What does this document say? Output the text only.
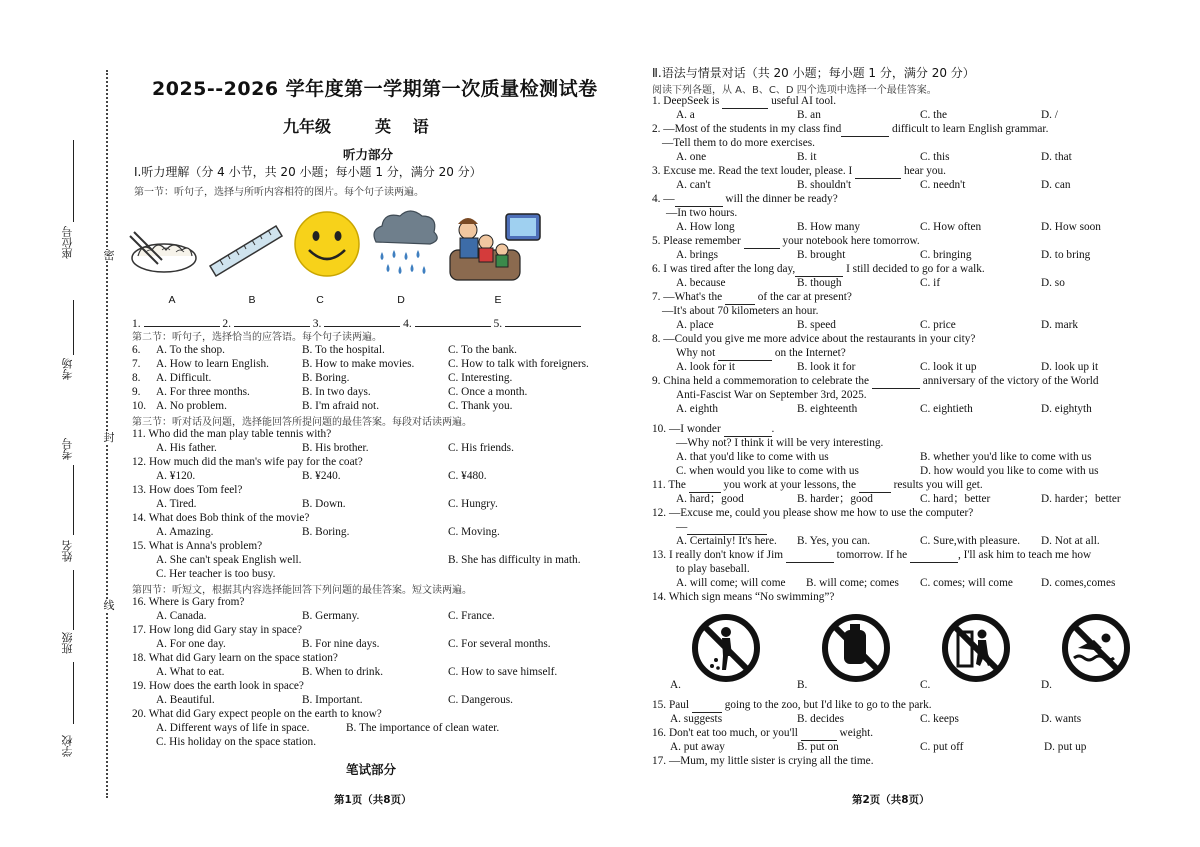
密
封
线
座位号
考场
考号
姓名
班级
学校
2025--2026 学年度第一学期第一次质量检测试卷
九年级	英 语
听力部分
Ⅰ.听力理解（分 4 小节，共 20 小题；每小题 1 分，满分 20 分）
第一节：听句子，选择与所听内容相符的图片。每个句子读两遍。
A	B	C	D	E
1.	2.	3.	4.	5.
第二节：听句子，选择恰当的应答语。每个句子读两遍。
6. A. To the shop.	B. To the hospital.	C. To the bank.
7. A. How to learn English.	B. How to make movies.	C. How to talk with foreigners.
8. A. Difficult.	B. Boring.	C. Interesting.
9. A. For three months.	B. In two days.	C. Once a month.
10. A. No problem.	B. I'm afraid not.	C. Thank you.
第三节：听对话及问题，选择能回答所提问题的最佳答案。每段对话读两遍。
11. Who did the man play table tennis with?
A. His father.	B. His brother.	C. His friends.
12. How much did the man's wife pay for the coat?
A. ¥120.	B. ¥240.	C. ¥480.
13. How does Tom feel?
A. Tired.	B. Down.	C. Hungry.
14. What does Bob think of the movie?
A. Amazing.	B. Boring.	C. Moving.
15. What is Anna's problem?
A. She can't speak English well.	B. She has difficulty in math.
C. Her teacher is too busy.
第四节：听短文，根据其内容选择能回答下列问题的最佳答案。短文读两遍。
16. Where is Gary from?
A. Canada.	B. Germany.	C. France.
17. How long did Gary stay in space?
A. For one day.	B. For nine days.	C. For several months.
18. What did Gary learn on the space station?
A. What to eat.	B. When to drink.	C. How to save himself.
19. How does the earth look in space?
A. Beautiful.	B. Important.	C. Dangerous.
20. What did Gary expect people on the earth to know?
A. Different ways of life in space.	B. The importance of clean water.
C. His holiday on the space station.
笔试部分
第1页（共8页）
Ⅱ.语法与情景对话（共 20 小题；每小题 1 分，满分 20 分）
阅读下列各题，从 A、B、C、D 四个选项中选择一个最佳答案。
1. DeepSeek is	useful AI tool.
A. a	B. an	C. the	D. /
2. —Most of the students in my class find	difficult to learn English grammar.
—Tell them to do more exercises.
A. one	B. it	C. this	D. that
3. Excuse me. Read the text louder, please. I	hear you.
A. can't	B. shouldn't	C. needn't	D. can
4. —	will the dinner be ready?
—In two hours.
A. How long	B. How many	C. How often	D. How soon
5. Please remember	your notebook here tomorrow.
A. brings	B. brought	C. bringing	D. to bring
6. I was tired after the long day,	I still decided to go for a walk.
A. because	B. though	C. if	D. so
7. —What's the	of the car at present?
—It's about 70 kilometers an hour.
A. place	B. speed	C. price	D. mark
8. —Could you give me more advice about the restaurants in your city?
Why not	on the Internet?
A. look for it	B. look it for	C. look it up	D. look up it
9. China held a commemoration to celebrate the	anniversary of the victory of the World
Anti-Fascist War on September 3rd, 2025.
A. eighth	B. eighteenth	C. eightieth	D. eightyth
10. —I wonder	.
—Why not? I think it will be very interesting.
A. that you'd like to come with us	B. whether you'd like to come with us
C. when would you like to come with us	D. how would you like to come with us
11. The	you work at your lessons, the	results you will get.
A. hard；good	B. harder；good	C. hard；better	D. harder；better
12. —Excuse me, could you please show me how to use the computer?
—
A. Certainly! It's here. B. Yes, you can.	C. Sure,with pleasure. D. Not at all.
13. I really don't know if Jim	tomorrow. If he	, I'll ask him to teach me how
to play baseball.
A. will come; will come B. will come; comes C. comes; will come D. comes,comes
14. Which sign means “No swimming”?
A.	B.	C.	D.
15. Paul	going to the zoo, but I'd like to go to the park.
A. suggests	B. decides	C. keeps	D. wants
16. Don't eat too much, or you'll	weight.
A. put away	B. put on	C. put off	D. put up
17. —Mum, my little sister is crying all the time.
第2页（共8页）
